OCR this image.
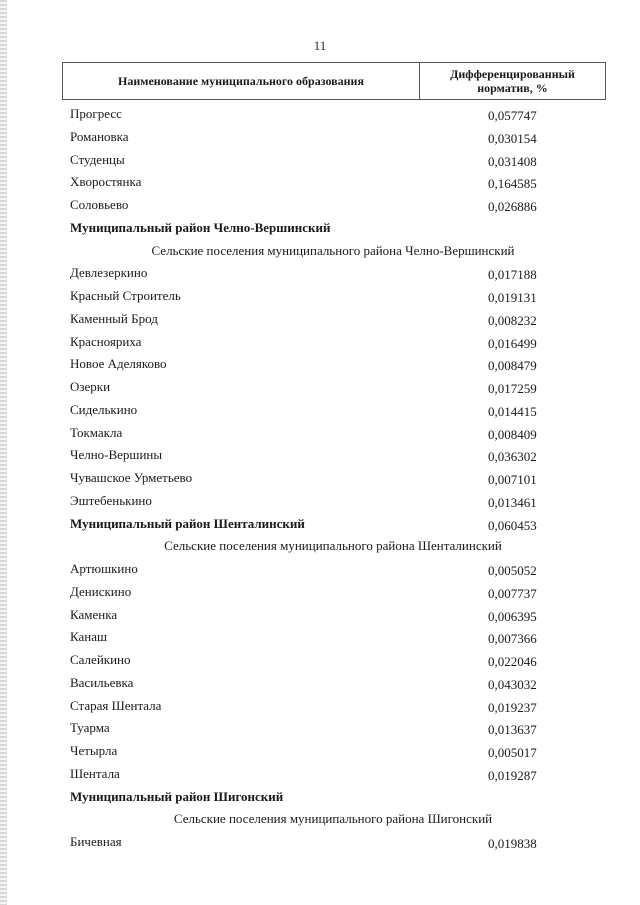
11
Наименование муниципального образования	Дифференцированный
норматив, %
Прогресс	0,057747
Романовка	0,030154
Студенцы	0,031408
Хворостянка	0,164585
Соловьево	0,026886
Муниципальный район Челно-Вершинский
Сельские поселения муниципального района Челно-Вершинский
Девлезеркино	0,017188
Красный Строитель	0,019131
Каменный Брод	0,008232
Краснояриха	0,016499
Новое Аделяково	0,008479
Озерки	0,017259
Сиделькино	0,014415
Токмакла	0,008409
Челно-Вершины	0,036302
Чувашское Урметьево	0,007101
Эштебенькино	0,013461
Муниципальный район Шенталинский	0,060453
Сельские поселения муниципального района Шенталинский
Артюшкино	0,005052
Денискино	0,007737
Каменка	0,006395
Канаш	0,007366
Салейкино	0,022046
Васильевка	0,043032
Старая Шентала	0,019237
Туарма	0,013637
Четырла	0,005017
Шентала	0,019287
Муниципальный район Шигонский
Сельские поселения муниципального района Шигонский
Бичевная	0,019838
